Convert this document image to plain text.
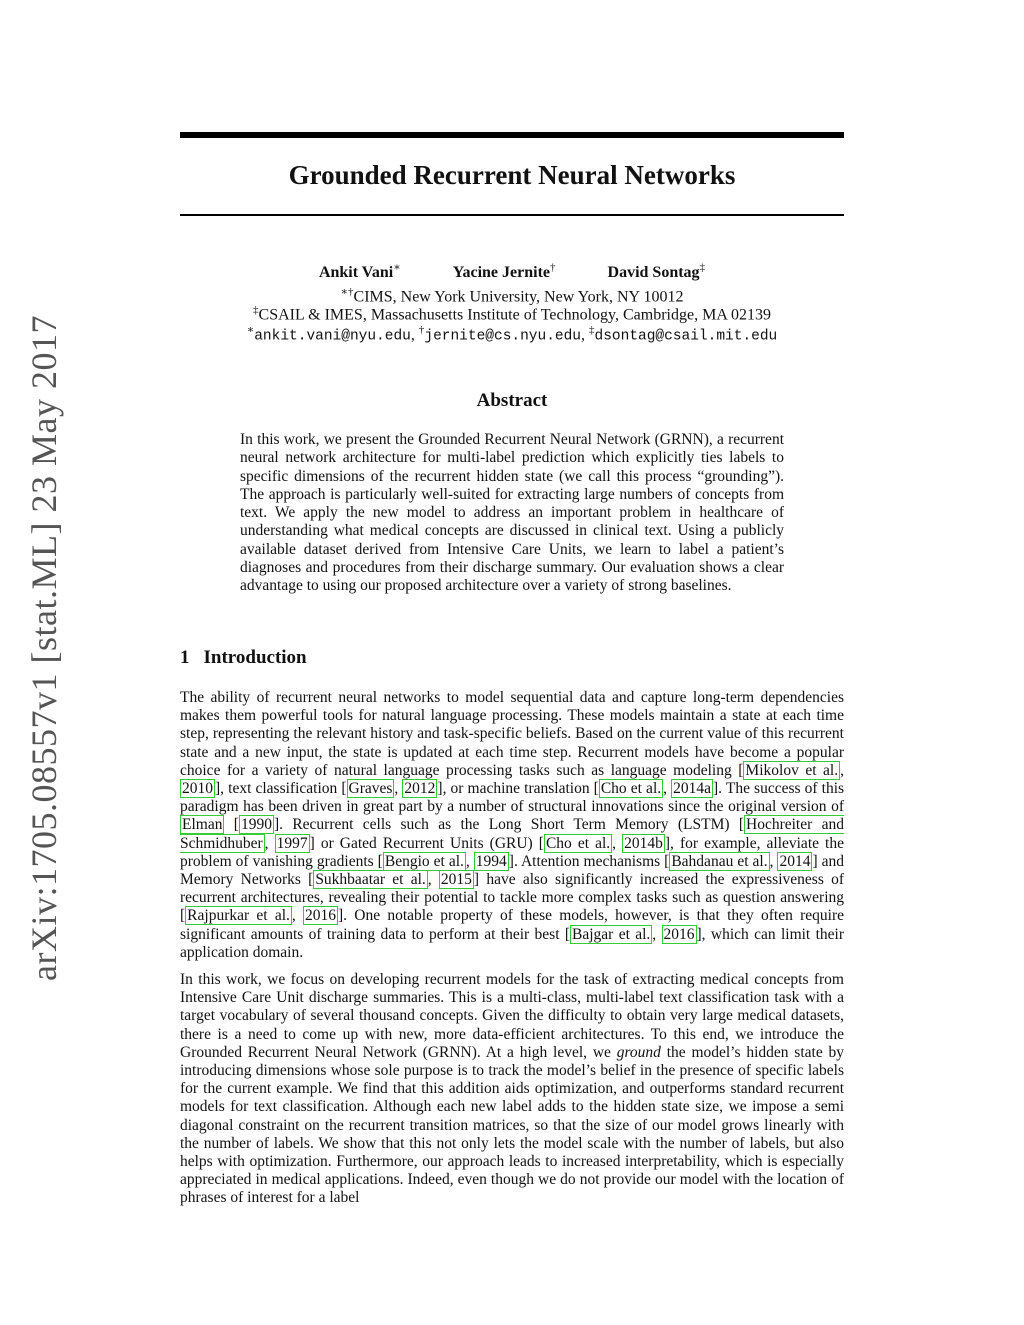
arXiv:1705.08557v1 [stat.ML] 23 May 2017
Grounded Recurrent Neural Networks
Ankit Vani∗	Yacine Jernite†	David Sontag‡
∗†CIMS, New York University, New York, NY 10012
‡CSAIL & IMES, Massachusetts Institute of Technology, Cambridge, MA 02139
∗ankit.vani@nyu.edu, †jernite@cs.nyu.edu, ‡dsontag@csail.mit.edu
Abstract

In this work, we present the Grounded Recurrent Neural Network (GRNN), a recurrent neural network architecture for multi-label prediction which explicitly ties labels to specific dimensions of the recurrent hidden state (we call this process “grounding”). The approach is particularly well-suited for extracting large numbers of concepts from text. We apply the new model to address an important problem in healthcare of understanding what medical concepts are discussed in clinical text. Using a publicly available dataset derived from Intensive Care Units, we learn to label a patient’s diagnoses and procedures from their discharge summary. Our evaluation shows a clear advantage to using our proposed architecture over a variety of strong baselines.

1 Introduction

The ability of recurrent neural networks to model sequential data and capture long-term dependencies makes them powerful tools for natural language processing. These models maintain a state at each time step, representing the relevant history and task-specific beliefs. Based on the current value of this recurrent state and a new input, the state is updated at each time step. Recurrent models have become a popular choice for a variety of natural language processing tasks such as language modeling [ Mikolov et al. , 2010 ], text classification [ Graves , 2012 ], or machine translation [ Cho et al. , 2014a ]. The success of this paradigm has been driven in great part by a number of structural innovations since the original version of Elman [ 1990 ]. Recurrent cells such as the Long Short Term Memory (LSTM) [ Hochreiter and Schmidhuber , 1997 ] or Gated Recurrent Units (GRU) [ Cho et al. , 2014b ], for example, alleviate the problem of vanishing gradients [ Bengio et al. , 1994 ]. Attention mechanisms [ Bahdanau et al. , 2014 ] and Memory Networks [ Sukhbaatar et al. , 2015 ] have also significantly increased the expressiveness of recurrent architectures, revealing their potential to tackle more complex tasks such as question answering [ Rajpurkar et al. , 2016 ]. One notable property of these models, however, is that they often require significant amounts of training data to perform at their best [ Bajgar et al. , 2016 ], which can limit their application domain.

In this work, we focus on developing recurrent models for the task of extracting medical concepts from Intensive Care Unit discharge summaries. This is a multi-class, multi-label text classification task with a target vocabulary of several thousand concepts. Given the difficulty to obtain very large medical datasets, there is a need to come up with new, more data-efficient architectures. To this end, we introduce the Grounded Recurrent Neural Network (GRNN). At a high level, we ground the model’s hidden state by introducing dimensions whose sole purpose is to track the model’s belief in the presence of specific labels for the current example. We find that this addition aids optimization, and outperforms standard recurrent models for text classification. Although each new label adds to the hidden state size, we impose a semi diagonal constraint on the recurrent transition matrices, so that the size of our model grows linearly with the number of labels. We show that this not only lets the model scale with the number of labels, but also helps with optimization. Furthermore, our approach leads to increased interpretability, which is especially appreciated in medical applications. Indeed, even though we do not provide our model with the location of phrases of interest for a label
